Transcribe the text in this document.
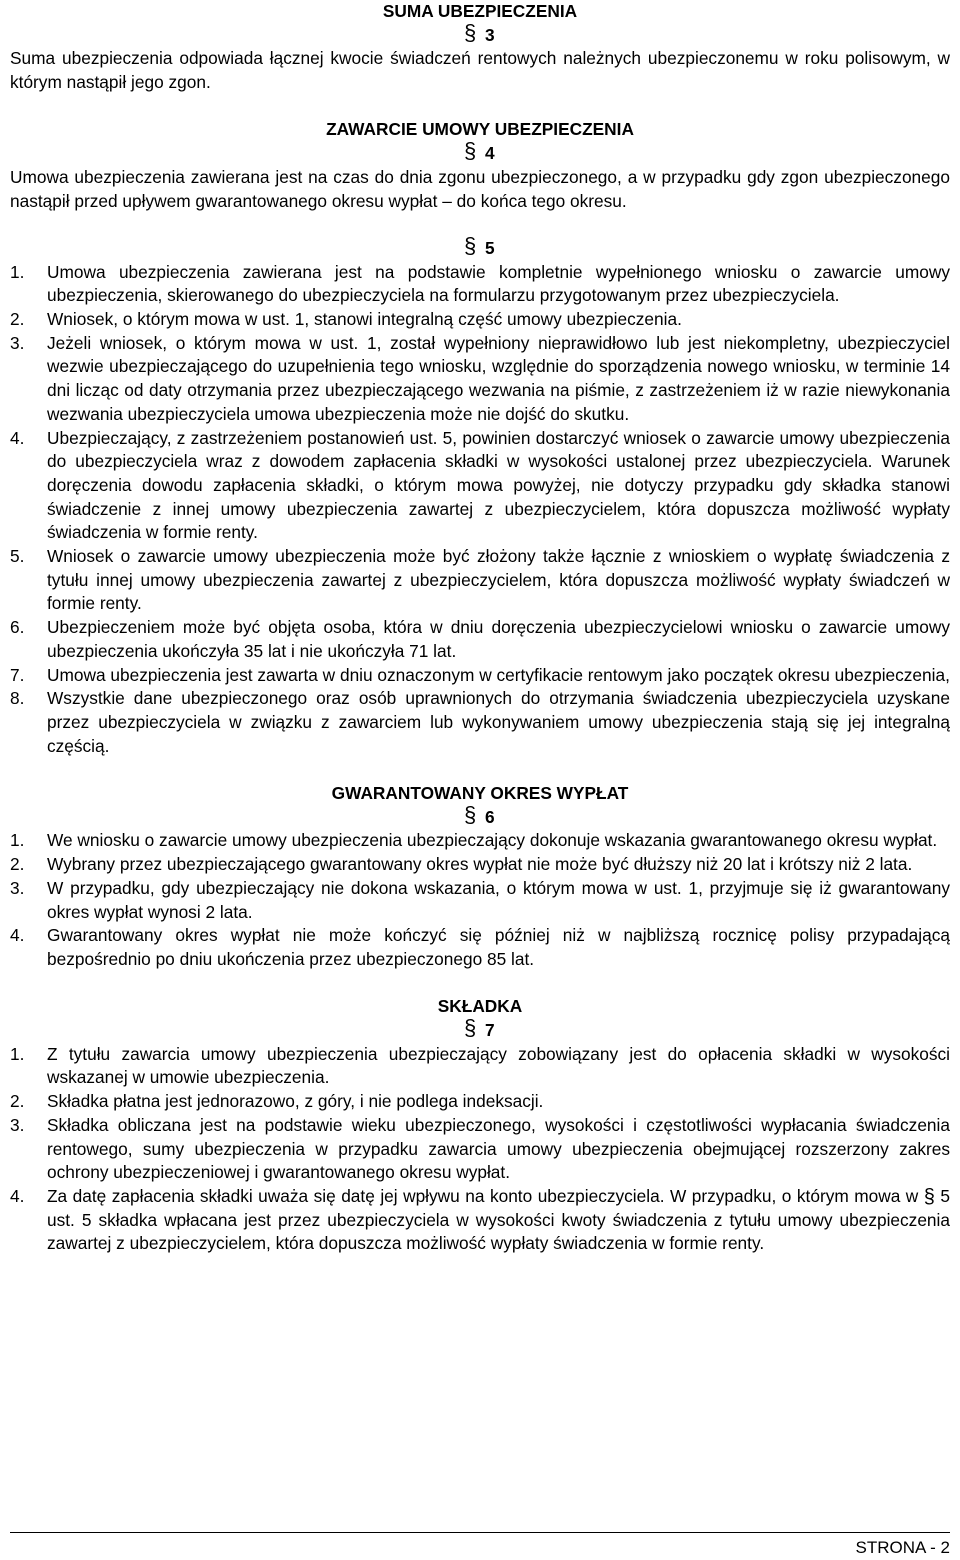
SUMA UBEZPIECZENIA
§ 3
Suma ubezpieczenia odpowiada łącznej kwocie świadczeń rentowych należnych ubezpieczonemu w roku polisowym, w którym nastąpił jego zgon.
ZAWARCIE UMOWY UBEZPIECZENIA
§ 4
Umowa ubezpieczenia zawierana jest na czas do dnia zgonu ubezpieczonego, a w przypadku gdy zgon ubezpieczonego nastąpił przed upływem gwarantowanego okresu wypłat – do końca tego okresu.
§ 5
1.	Umowa ubezpieczenia zawierana jest na podstawie kompletnie wypełnionego wniosku o zawarcie umowy ubezpieczenia, skierowanego do ubezpieczyciela na formularzu przygotowanym przez ubezpieczyciela.
2.	Wniosek, o którym mowa w ust. 1, stanowi integralną część umowy ubezpieczenia.
3.	Jeżeli wniosek, o którym mowa w ust. 1, został wypełniony nieprawidłowo lub jest niekompletny, ubezpieczyciel wezwie ubezpieczającego do uzupełnienia tego wniosku, względnie do sporządzenia nowego wniosku, w terminie 14 dni licząc od daty otrzymania przez ubezpieczającego wezwania na piśmie, z zastrzeżeniem iż w razie niewykonania wezwania ubezpieczyciela umowa ubezpieczenia może nie dojść do skutku.
4.	Ubezpieczający, z zastrzeżeniem postanowień ust. 5, powinien dostarczyć wniosek o zawarcie umowy ubezpieczenia do ubezpieczyciela wraz z dowodem zapłacenia składki w wysokości ustalonej przez ubezpieczyciela. Warunek doręczenia dowodu zapłacenia składki, o którym mowa powyżej, nie dotyczy przypadku gdy składka stanowi świadczenie z innej umowy ubezpieczenia zawartej z ubezpieczycielem, która dopuszcza możliwość wypłaty świadczenia w formie renty.
5.	Wniosek o zawarcie umowy ubezpieczenia może być złożony także łącznie z wnioskiem o wypłatę świadczenia z tytułu innej umowy ubezpieczenia zawartej z ubezpieczycielem, która dopuszcza możliwość wypłaty świadczeń w formie renty.
6.	Ubezpieczeniem może być objęta osoba, która w dniu doręczenia ubezpieczycielowi wniosku o zawarcie umowy ubezpieczenia ukończyła 35 lat i nie ukończyła 71 lat.
7.	Umowa ubezpieczenia jest zawarta w dniu oznaczonym w certyfikacie rentowym jako początek okresu ubezpieczenia,
8.	Wszystkie dane ubezpieczonego oraz osób uprawnionych do otrzymania świadczenia ubezpieczyciela uzyskane przez ubezpieczyciela w związku z zawarciem lub wykonywaniem umowy ubezpieczenia stają się jej integralną częścią.
GWARANTOWANY OKRES WYPŁAT
§ 6
1.	We wniosku o zawarcie umowy ubezpieczenia ubezpieczający dokonuje wskazania gwarantowanego okresu wypłat.
2.	Wybrany przez ubezpieczającego gwarantowany okres wypłat nie może być dłuższy niż 20 lat i krótszy niż 2 lata.
3.	W przypadku, gdy ubezpieczający nie dokona wskazania, o którym mowa w ust. 1, przyjmuje się iż gwarantowany okres wypłat wynosi 2 lata.
4.	Gwarantowany okres wypłat nie może kończyć się później niż w najbliższą rocznicę polisy przypadającą bezpośrednio po dniu ukończenia przez ubezpieczonego 85 lat.
SKŁADKA
§ 7
1.	Z tytułu zawarcia umowy ubezpieczenia ubezpieczający zobowiązany jest do opłacenia składki w wysokości wskazanej w umowie ubezpieczenia.
2.	Składka płatna jest jednorazowo, z góry, i nie podlega indeksacji.
3.	Składka obliczana jest na podstawie wieku ubezpieczonego, wysokości i częstotliwości wypłacania świadczenia rentowego, sumy ubezpieczenia w przypadku zawarcia umowy ubezpieczenia obejmującej rozszerzony zakres ochrony ubezpieczeniowej i gwarantowanego okresu wypłat.
4.	Za datę zapłacenia składki uważa się datę jej wpływu na konto ubezpieczyciela. W przypadku, o którym mowa w § 5 ust. 5 składka wpłacana jest przez ubezpieczyciela w wysokości kwoty świadczenia z tytułu umowy ubezpieczenia zawartej z ubezpieczycielem, która dopuszcza możliwość wypłaty świadczenia w formie renty.
STRONA - 2
